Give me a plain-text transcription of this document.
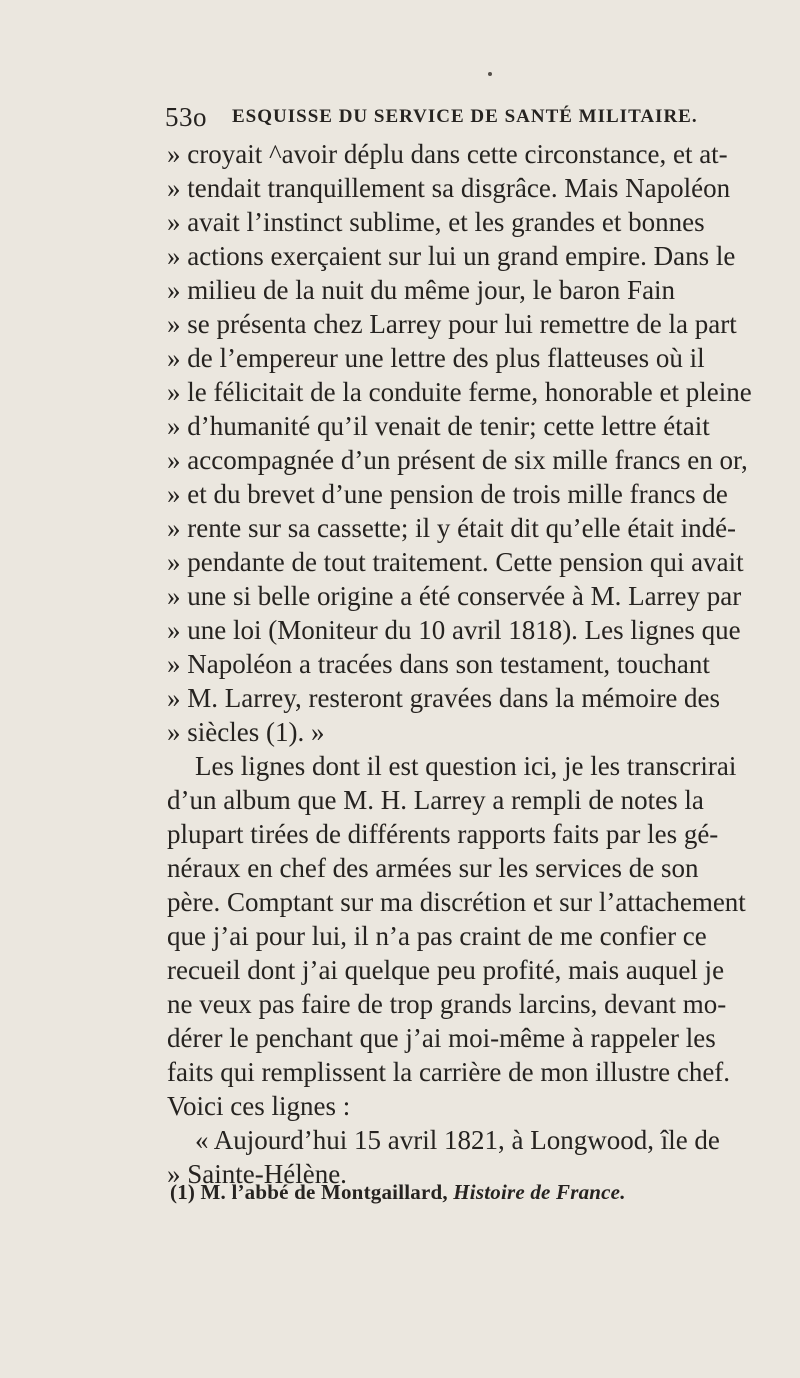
53o ESQUISSE DU SERVICE DE SANTÉ MILITAIRE.
» croyait ^avoir déplu dans cette circonstance, et at-
» tendait tranquillement sa disgrâce. Mais Napoléon
» avait l’instinct sublime, et les grandes et bonnes
» actions exerçaient sur lui un grand empire. Dans le
» milieu de la nuit du même jour, le baron Fain
» se présenta chez Larrey pour lui remettre de la part
» de l’empereur une lettre des plus flatteuses où il
» le félicitait de la conduite ferme, honorable et pleine
» d’humanité qu’il venait de tenir; cette lettre était
» accompagnée d’un présent de six mille francs en or,
» et du brevet d’une pension de trois mille francs de
» rente sur sa cassette; il y était dit qu’elle était indé-
» pendante de tout traitement. Cette pension qui avait
» une si belle origine a été conservée à M. Larrey par
» une loi (Moniteur du 10 avril 1818). Les lignes que
» Napoléon a tracées dans son testament, touchant
» M. Larrey, resteront gravées dans la mémoire des
» siècles (1). »
Les lignes dont il est question ici, je les transcrirai
d’un album que M. H. Larrey a rempli de notes la
plupart tirées de différents rapports faits par les gé-
néraux en chef des armées sur les services de son
père. Comptant sur ma discrétion et sur l’attachement
que j’ai pour lui, il n’a pas craint de me confier ce
recueil dont j’ai quelque peu profité, mais auquel je
ne veux pas faire de trop grands larcins, devant mo-
dérer le penchant que j’ai moi-même à rappeler les
faits qui remplissent la carrière de mon illustre chef.
Voici ces lignes :
« Aujourd’hui 15 avril 1821, à Longwood, île de
» Sainte-Hélène.
(1) M. l’abbé de Montgaillard, Histoire de France.
